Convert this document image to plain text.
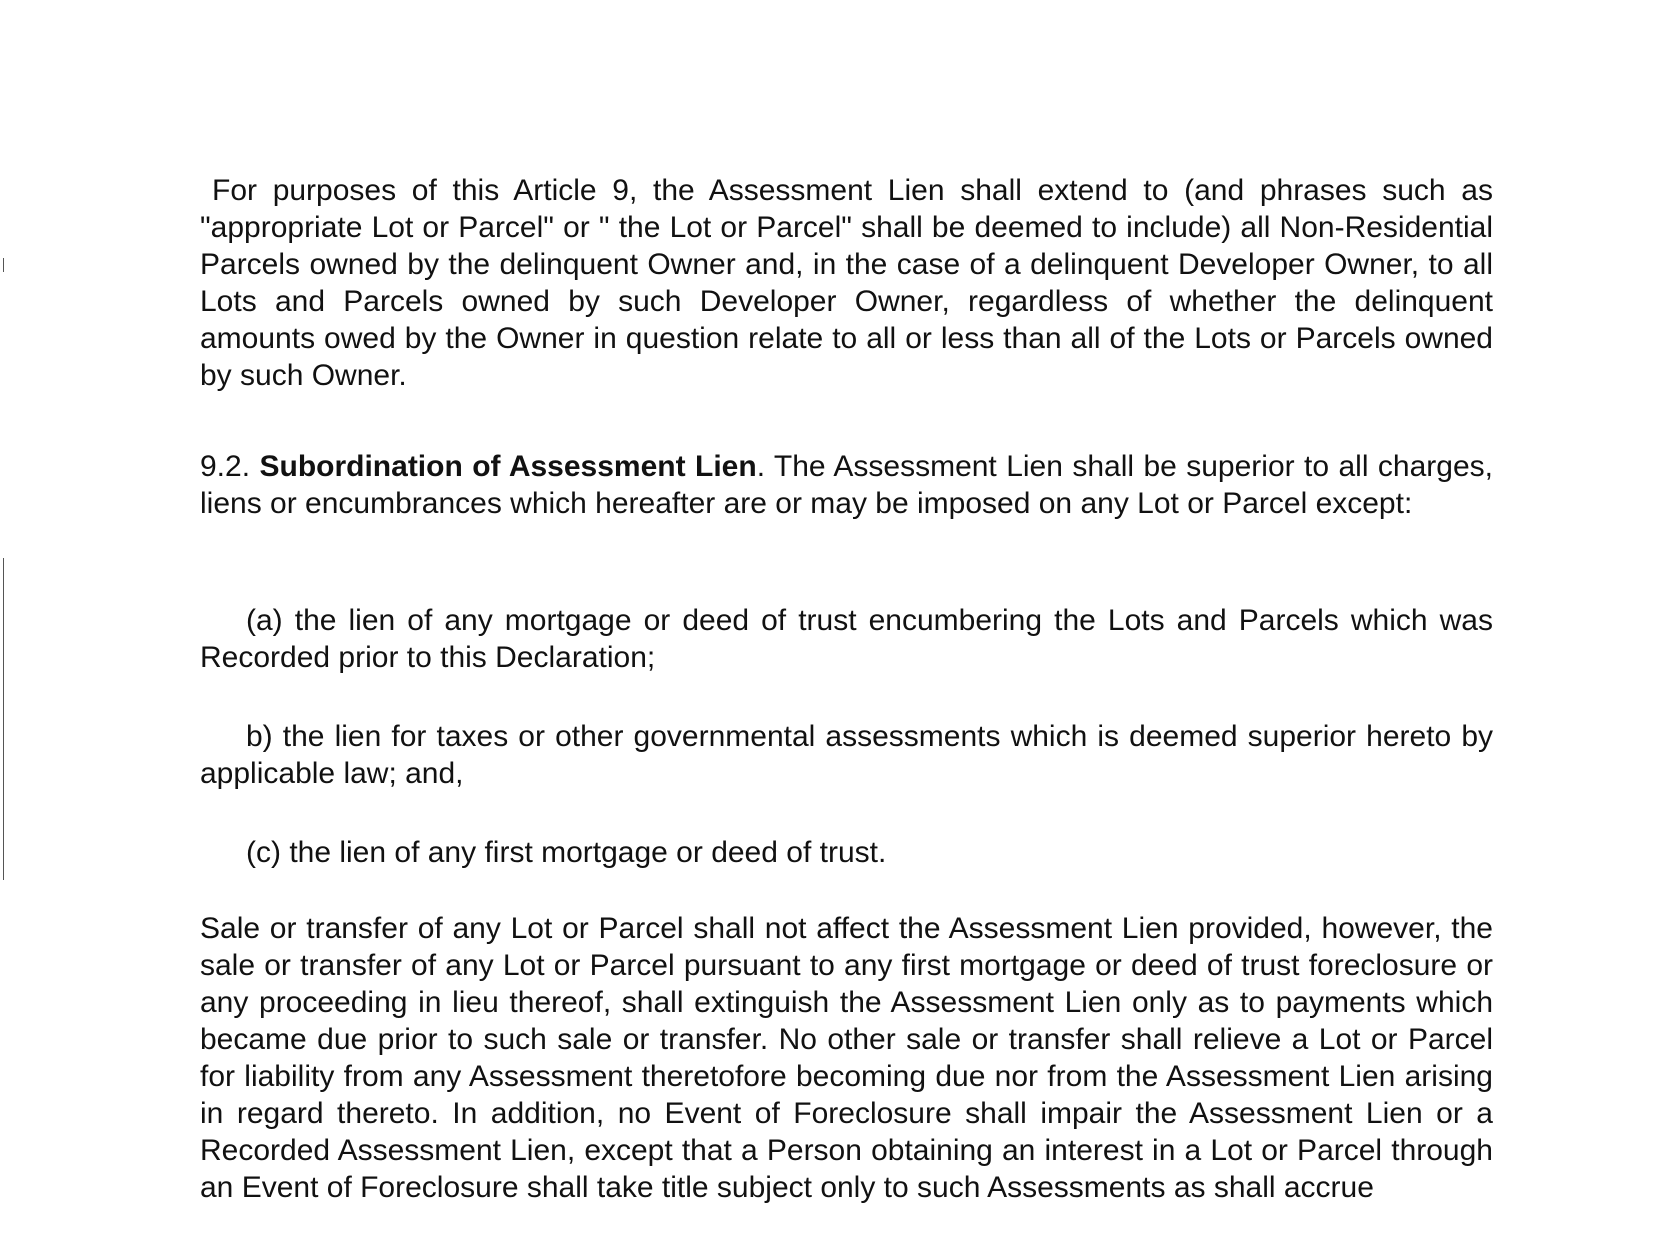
For purposes of this Article 9, the Assessment Lien shall extend to (and phrases such as "appropriate Lot or Parcel" or " the Lot or Parcel" shall be deemed to include) all Non-Residential Parcels owned by the delinquent Owner and, in the case of a delinquent Developer Owner, to all Lots and Parcels owned by such Developer Owner, regardless of whether the delinquent amounts owed by the Owner in question relate to all or less than all of the Lots or Parcels owned by such Owner.

9.2. Subordination of Assessment Lien. The Assessment Lien shall be superior to all charges, liens or encumbrances which hereafter are or may be imposed on any Lot or Parcel except:

(a) the lien of any mortgage or deed of trust encumbering the Lots and Parcels which was Recorded prior to this Declaration;

b) the lien for taxes or other governmental assessments which is deemed superior hereto by applicable law; and,

(c) the lien of any first mortgage or deed of trust.

Sale or transfer of any Lot or Parcel shall not affect the Assessment Lien provided, however, the sale or transfer of any Lot or Parcel pursuant to any first mortgage or deed of trust foreclosure or any proceeding in lieu thereof, shall extinguish the Assessment Lien only as to payments which became due prior to such sale or transfer. No other sale or transfer shall relieve a Lot or Parcel for liability from any Assessment theretofore becoming due nor from the Assessment Lien arising in regard thereto. In addition, no Event of Foreclosure shall impair the Assessment Lien or a Recorded Assessment Lien, except that a Person obtaining an interest in a Lot or Parcel through an Event of Foreclosure shall take title subject only to such Assessments as shall accrue
